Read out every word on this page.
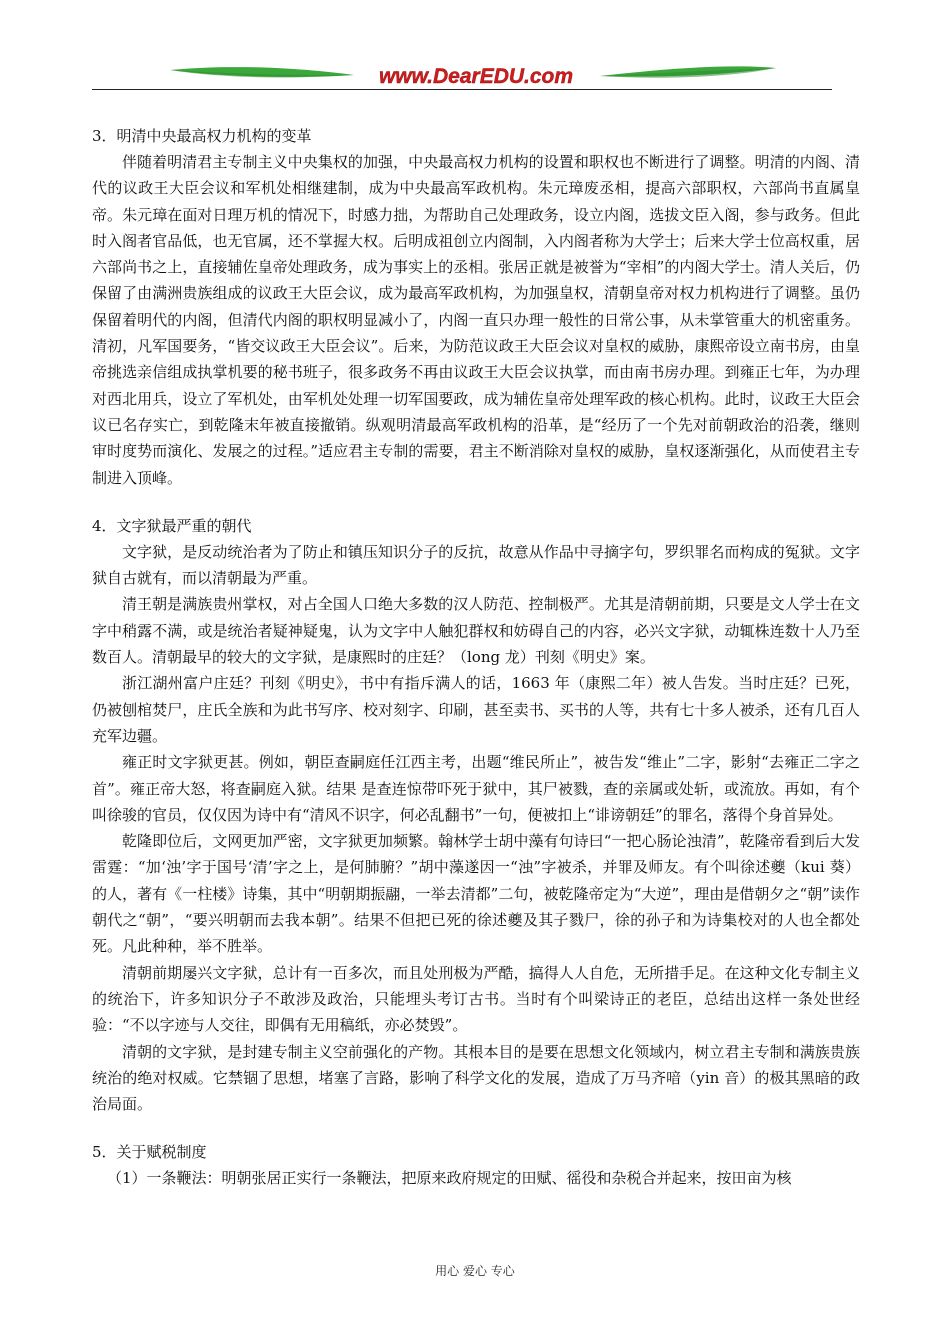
www.DearEDU.com

3．明清中央最高权力机构的变革

伴随着明清君主专制主义中央集权的加强，中央最高权力机构的设置和职权也不断进行了调整。明清的内阁、清代的议政王大臣会议和军机处相继建制，成为中央最高军政机构。朱元璋废丞相，提高六部职权，六部尚书直属皇帝。朱元璋在面对日理万机的情况下，时感力拙，为帮助自己处理政务，设立内阁，选拔文臣入阁，参与政务。但此时入阁者官品低，也无官属，还不掌握大权。后明成祖创立内阁制，入内阁者称为大学士；后来大学士位高权重，居六部尚书之上，直接辅佐皇帝处理政务，成为事实上的丞相。张居正就是被誉为“宰相”的内阁大学士。清人关后，仍保留了由满洲贵族组成的议政王大臣会议，成为最高军政机构，为加强皇权，清朝皇帝对权力机构进行了调整。虽仍保留着明代的内阁，但清代内阁的职权明显减小了，内阁一直只办理一般性的日常公事，从未掌管重大的机密重务。清初，凡军国要务，“皆交议政王大臣会议”。后来，为防范议政王大臣会议对皇权的威胁，康熙帝设立南书房，由皇帝挑选亲信组成执掌机要的秘书班子，很多政务不再由议政王大臣会议执掌，而由南书房办理。到雍正七年，为办理对西北用兵，设立了军机处，由军机处处理一切军国要政，成为辅佐皇帝处理军政的核心机构。此时，议政王大臣会议已名存实亡，到乾隆末年被直接撤销。纵观明清最高军政机构的沿革，是“经历了一个先对前朝政治的沿袭，继则审时度势而演化、发展之的过程。”适应君主专制的需要，君主不断消除对皇权的威胁，皇权逐渐强化，从而使君主专制进入顶峰。

4．文字狱最严重的朝代

文字狱，是反动统治者为了防止和镇压知识分子的反抗，故意从作品中寻摘字句，罗织罪名而构成的冤狱。文字狱自古就有，而以清朝最为严重。

清王朝是满族贵州掌权，对占全国人口绝大多数的汉人防范、控制极严。尤其是清朝前期，只要是文人学士在文字中稍露不满，或是统治者疑神疑鬼，认为文字中人触犯群权和妨碍自己的内容，必兴文字狱，动辄株连数十人乃至数百人。清朝最早的较大的文字狱，是康熙时的庄廷？（long 龙）刊刻《明史》案。

浙江湖州富户庄廷？刊刻《明史》，书中有指斥满人的话，1663 年（康熙二年）被人告发。当时庄廷？已死，仍被刨棺焚尸，庄氏全族和为此书写序、校对刻字、印刷，甚至卖书、买书的人等，共有七十多人被杀，还有几百人充军边疆。

雍正时文字狱更甚。例如，朝臣查嗣庭任江西主考，出题“维民所止”，被告发“维止”二字，影射“去雍正二字之首”。雍正帝大怒，将查嗣庭入狱。结果 是查连惊带吓死于狱中，其尸被戮，查的亲属或处斩，或流放。再如，有个叫徐骏的官员，仅仅因为诗中有“清风不识字，何必乱翻书”一句，便被扣上“诽谤朝廷”的罪名，落得个身首异处。

乾隆即位后，文网更加严密，文字狱更加频繁。翰林学士胡中藻有句诗曰“一把心肠论浊清”，乾隆帝看到后大发雷霆：“加‘浊’字于国号‘清’字之上，是何肺腑？”胡中藻遂因一“浊”字被杀，并罪及师友。有个叫徐述夔（kui 葵）的人，著有《一柱楼》诗集，其中“明朝期振翮，一举去清都”二句，被乾隆帝定为“大逆”，理由是借朝夕之“朝”读作朝代之“朝”，“要兴明朝而去我本朝”。结果不但把已死的徐述夔及其子戮尸，徐的孙子和为诗集校对的人也全都处死。凡此种种，举不胜举。

清朝前期屡兴文字狱，总计有一百多次，而且处刑极为严酷，搞得人人自危，无所措手足。在这种文化专制主义的统治下，许多知识分子不敢涉及政治，只能埋头考订古书。当时有个叫梁诗正的老臣，总结出这样一条处世经验：“不以字迹与人交往，即偶有无用稿纸，亦必焚毁”。

清朝的文字狱，是封建专制主义空前强化的产物。其根本目的是要在思想文化领域内，树立君主专制和满族贵族统治的绝对权威。它禁锢了思想，堵塞了言路，影响了科学文化的发展，造成了万马齐喑（yin 音）的极其黑暗的政治局面。

5．关于赋税制度

（1）一条鞭法：明朝张居正实行一条鞭法，把原来政府规定的田赋、徭役和杂税合并起来，按田亩为核

用心 爱心 专心
